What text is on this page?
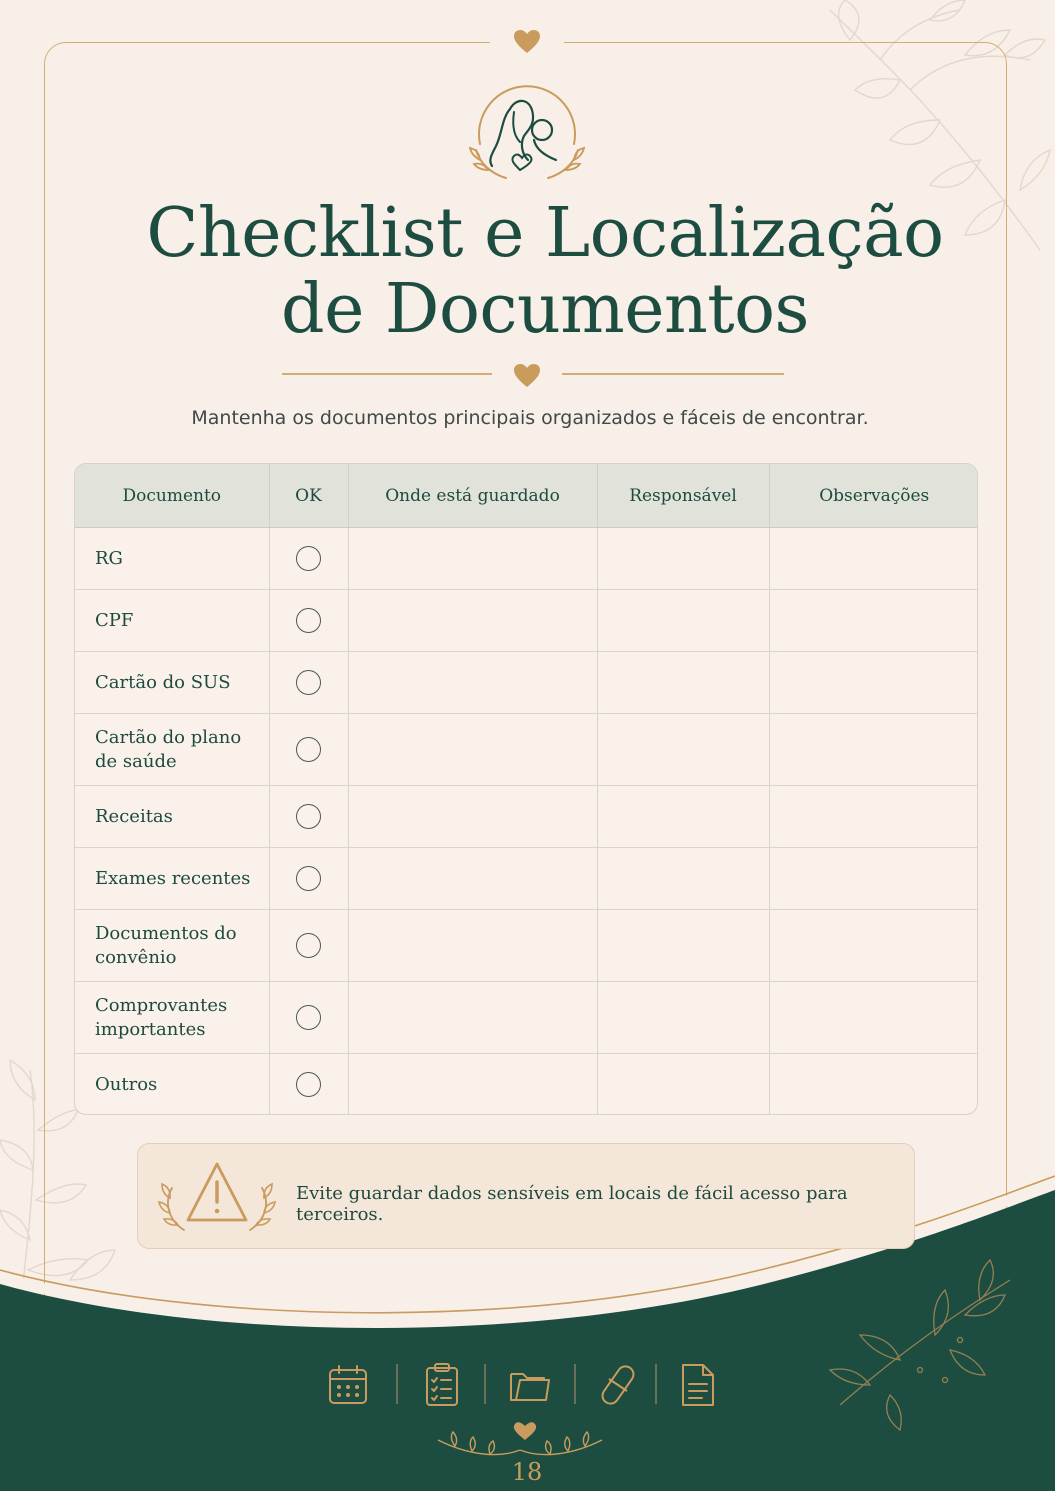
Checklist e Localização
de Documentos
Mantenha os documentos principais organizados e fáceis de encontrar.
Documento	OK	Onde está guardado	Responsável	Observações
RG				
CPF				
Cartão do SUS				
Cartão do plano de saúde				
Receitas				
Exames recentes				
Documentos do convênio				
Comprovantes importantes				
Outros				
Evite guardar dados sensíveis em locais de fácil acesso para terceiros.
18
